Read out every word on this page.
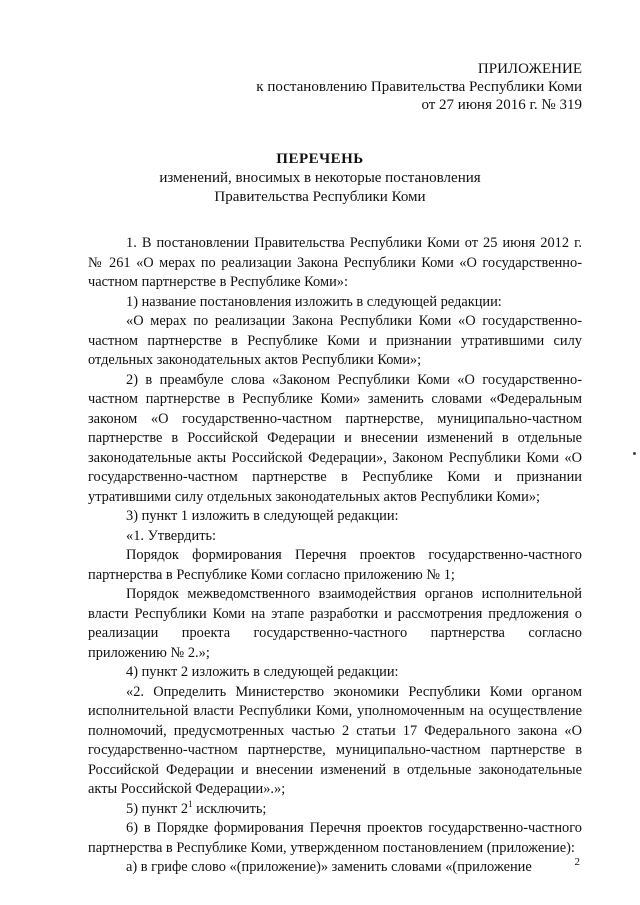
ПРИЛОЖЕНИЕ
к постановлению Правительства Республики Коми
от 27 июня 2016 г. № 319
ПЕРЕЧЕНЬ
изменений, вносимых в некоторые постановления
Правительства Республики Коми

1. В постановлении Правительства Республики Коми от 25 июня 2012 г. № 261 «О мерах по реализации Закона Республики Коми «О государственно-частном партнерстве в Республике Коми»:

1) название постановления изложить в следующей редакции:

«О мерах по реализации Закона Республики Коми «О государственно-частном партнерстве в Республике Коми и признании утратившими силу отдельных законодательных актов Республики Коми»;

2) в преамбуле слова «Законом Республики Коми «О государственно-частном партнерстве в Республике Коми» заменить словами «Федеральным законом «О государственно-частном партнерстве, муниципально-частном партнерстве в Российской Федерации и внесении изменений в отдельные законодательные акты Российской Федерации», Законом Республики Коми «О государственно-частном партнерстве в Республике Коми и признании утратившими силу отдельных законодательных актов Республики Коми»;

3) пункт 1 изложить в следующей редакции:

«1. Утвердить:

Порядок формирования Перечня проектов государственно-частного партнерства в Республике Коми согласно приложению № 1;

Порядок межведомственного взаимодействия органов исполнительной власти Республики Коми на этапе разработки и рассмотрения предложения о реализации проекта государственно-частного партнерства согласно приложению № 2.»;

4) пункт 2 изложить в следующей редакции:

«2. Определить Министерство экономики Республики Коми органом исполнительной власти Республики Коми, уполномоченным на осуществление полномочий, предусмотренных частью 2 статьи 17 Федерального закона «О государственно-частном партнерстве, муниципально-частном партнерстве в Российской Федерации и внесении изменений в отдельные законодательные акты Российской Федерации».»;

5) пункт $2^1$ исключить;

6) в Порядке формирования Перечня проектов государственно-частного партнерства в Республике Коми, утвержденном постановлением (приложение):

а) в грифе слово «(приложение)» заменить словами «(приложение	2
